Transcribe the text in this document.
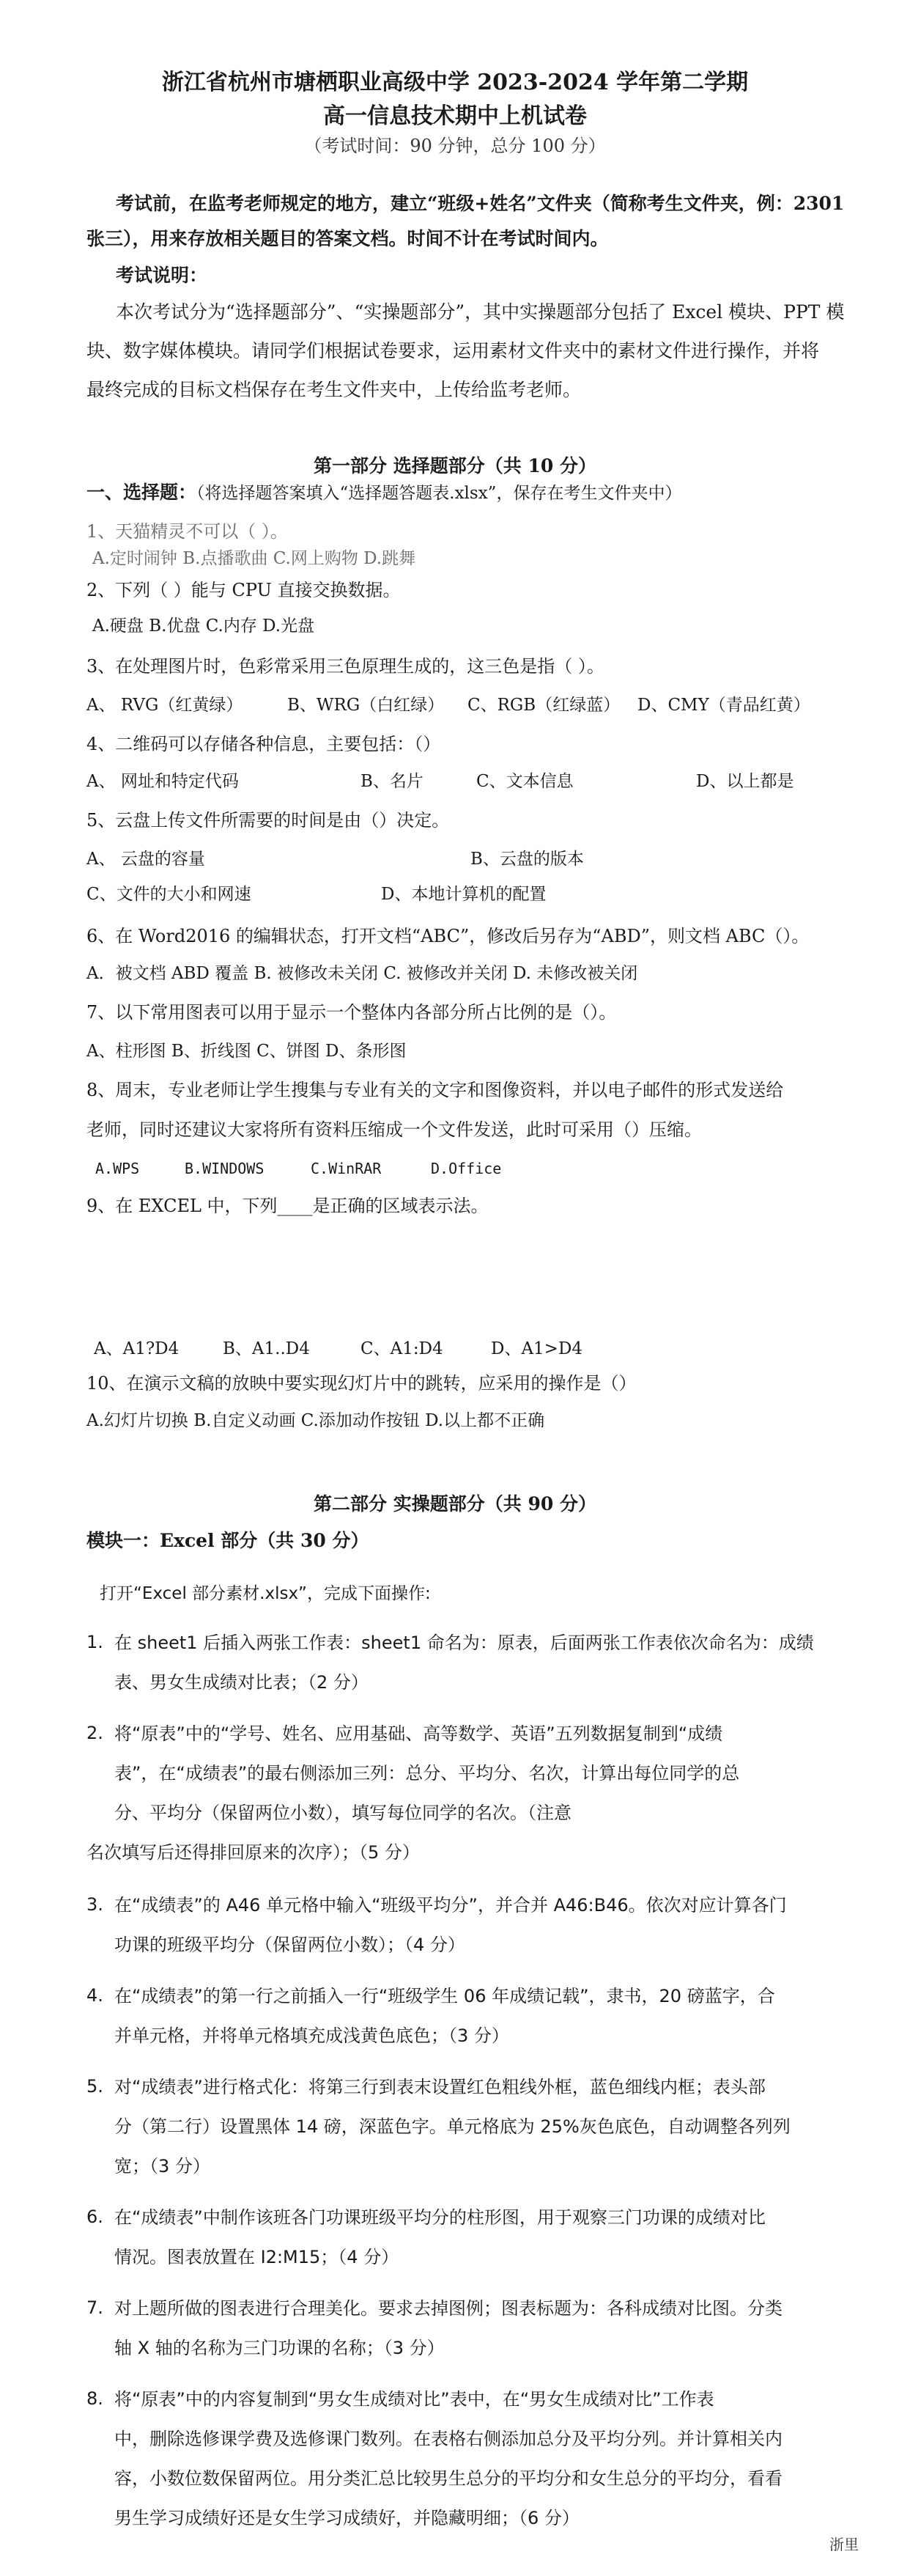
浙江省杭州市塘栖职业高级中学 2023-2024 学年第二学期
高一信息技术期中上机试卷
（考试时间：90 分钟，总分 100 分）
考试前，在监考老师规定的地方，建立“班级+姓名”文件夹（简称考生文件夹，例：2301
张三），用来存放相关题目的答案文档。时间不计在考试时间内。
考试说明：
本次考试分为“选择题部分”、“实操题部分”，其中实操题部分包括了 Excel 模块、PPT 模
块、数字媒体模块。请同学们根据试卷要求，运用素材文件夹中的素材文件进行操作，并将
最终完成的目标文档保存在考生文件夹中，上传给监考老师。
第一部分 选择题部分（共 10 分）
一、选择题：（将选择题答案填入“选择题答题表.xlsx”，保存在考生文件夹中）
1、天猫精灵不可以（ ）。
A.定时闹钟 B.点播歌曲 C.网上购物 D.跳舞
2、下列（ ）能与 CPU 直接交换数据。
A.硬盘 B.优盘 C.内存 D.光盘
3、在处理图片时，色彩常采用三色原理生成的，这三色是指（ ）。
A、 RVG（红黄绿）	B、WRG（白红绿） C、RGB（红绿蓝） D、CMY（青品红黄）
4、二维码可以存储各种信息，主要包括：（）
A、 网址和特定代码	B、名片	C、文本信息	D、以上都是
5、云盘上传文件所需要的时间是由（）决定。
A、 云盘的容量	B、云盘的版本
C、文件的大小和网速	D、本地计算机的配置
6、在 Word2016 的编辑状态，打开文档“ABC”，修改后另存为“ABD”，则文档 ABC（）。
A．被文档 ABD 覆盖 B. 被修改未关闭 C. 被修改并关闭 D. 未修改被关闭
7、以下常用图表可以用于显示一个整体内各部分所占比例的是（）。
A、柱形图 B、折线图 C、饼图 D、条形图
8、周末，专业老师让学生搜集与专业有关的文字和图像资料，并以电子邮件的形式发送给
老师，同时还建议大家将所有资料压缩成一个文件发送，此时可采用（）压缩。
A.WPS	B.WINDOWS	C.WinRAR	D.Office
9、在 EXCEL 中，下列____是正确的区域表示法。
A、A1?D4	B、A1..D4	C、A1:D4	D、A1>D4
10、在演示文稿的放映中要实现幻灯片中的跳转，应采用的操作是（）
A.幻灯片切换 B.自定义动画 C.添加动作按钮 D.以上都不正确
第二部分 实操题部分（共 90 分）
模块一：Excel 部分（共 30 分）
打开“Excel 部分素材.xlsx”，完成下面操作:
1. 在 sheet1 后插入两张工作表：sheet1 命名为：原表，后面两张工作表依次命名为：成绩
表、男女生成绩对比表；（2 分）
2. 将“原表”中的“学号、姓名、应用基础、高等数学、英语”五列数据复制到“成绩
表”，在“成绩表”的最右侧添加三列：总分、平均分、名次，计算出每位同学的总
分、平均分（保留两位小数），填写每位同学的名次。（注意
名次填写后还得排回原来的次序）；（5 分）
3. 在“成绩表”的 A46 单元格中输入“班级平均分”，并合并 A46:B46。依次对应计算各门
功课的班级平均分（保留两位小数）；（4 分）
4. 在“成绩表”的第一行之前插入一行“班级学生 06 年成绩记载”，隶书，20 磅蓝字，合
并单元格，并将单元格填充成浅黄色底色；（3 分）
5. 对“成绩表”进行格式化：将第三行到表末设置红色粗线外框，蓝色细线内框；表头部
分（第二行）设置黑体 14 磅，深蓝色字。单元格底为 25%灰色底色，自动调整各列列
宽；（3 分）
6. 在“成绩表”中制作该班各门功课班级平均分的柱形图，用于观察三门功课的成绩对比
情况。图表放置在 I2:M15；（4 分）
7. 对上题所做的图表进行合理美化。要求去掉图例；图表标题为：各科成绩对比图。分类
轴 X 轴的名称为三门功课的名称；（3 分）
8. 将“原表”中的内容复制到“男女生成绩对比”表中，在“男女生成绩对比”工作表
中，删除选修课学费及选修课门数列。在表格右侧添加总分及平均分列。并计算相关内
容，小数位数保留两位。用分类汇总比较男生总分的平均分和女生总分的平均分，看看
男生学习成绩好还是女生学习成绩好，并隐藏明细；（6 分）
浙里
